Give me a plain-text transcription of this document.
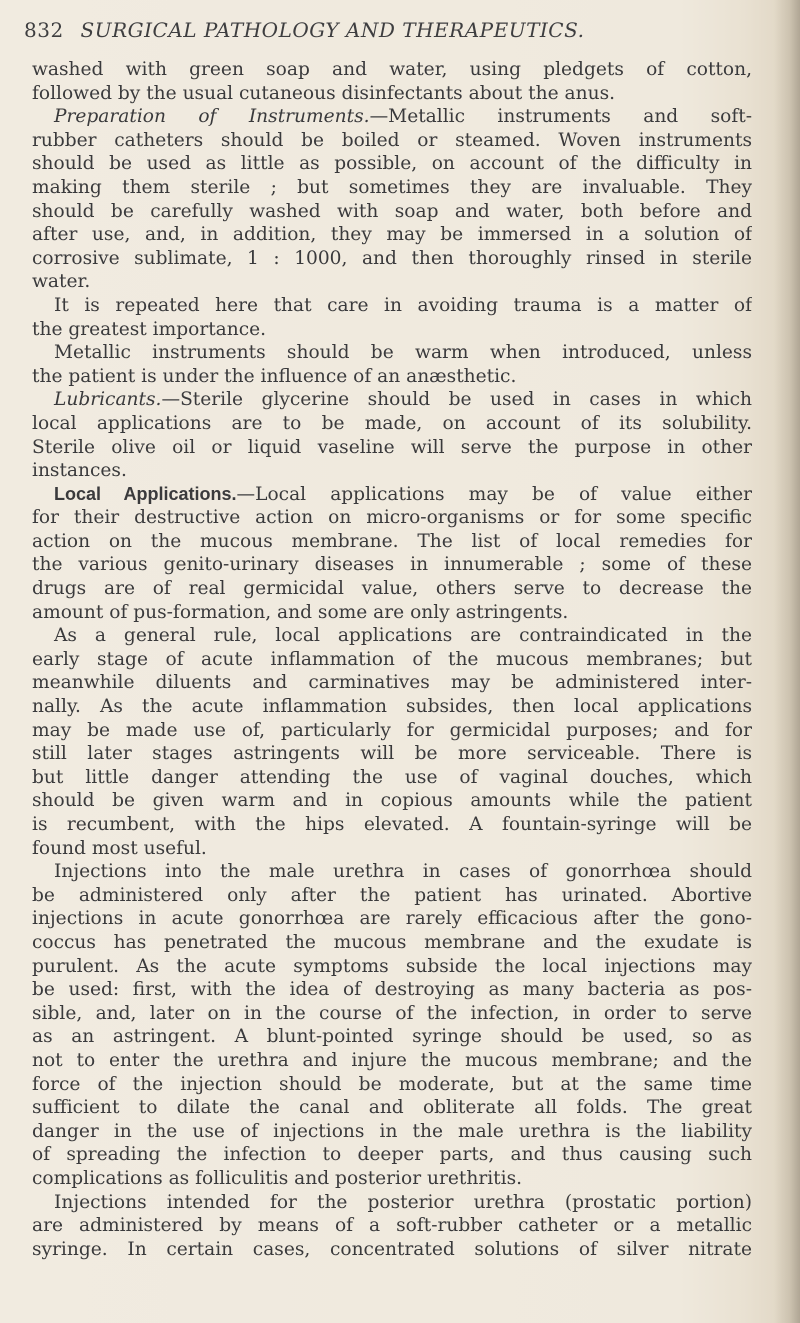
832 SURGICAL PATHOLOGY AND THERAPEUTICS.
washed with green soap and water, using pledgets of cotton,
followed by the usual cutaneous disinfectants about the anus.
Preparation of Instruments.—Metallic instruments and soft-
rubber catheters should be boiled or steamed. Woven instruments
should be used as little as possible, on account of the difficulty in
making them sterile ; but sometimes they are invaluable. They
should be carefully washed with soap and water, both before and
after use, and, in addition, they may be immersed in a solution of
corrosive sublimate, 1 : 1000, and then thoroughly rinsed in sterile
water.
It is repeated here that care in avoiding trauma is a matter of
the greatest importance.
Metallic instruments should be warm when introduced, unless
the patient is under the influence of an anæsthetic.
Lubricants.—Sterile glycerine should be used in cases in which
local applications are to be made, on account of its solubility.
Sterile olive oil or liquid vaseline will serve the purpose in other
instances.
Local Applications.—Local applications may be of value either
for their destructive action on micro-organisms or for some specific
action on the mucous membrane. The list of local remedies for
the various genito-urinary diseases in innumerable ; some of these
drugs are of real germicidal value, others serve to decrease the
amount of pus-formation, and some are only astringents.
As a general rule, local applications are contraindicated in the
early stage of acute inflammation of the mucous membranes; but
meanwhile diluents and carminatives may be administered inter-
nally. As the acute inflammation subsides, then local applications
may be made use of, particularly for germicidal purposes; and for
still later stages astringents will be more serviceable. There is
but little danger attending the use of vaginal douches, which
should be given warm and in copious amounts while the patient
is recumbent, with the hips elevated. A fountain-syringe will be
found most useful.
Injections into the male urethra in cases of gonorrhœa should
be administered only after the patient has urinated. Abortive
injections in acute gonorrhœa are rarely efficacious after the gono-
coccus has penetrated the mucous membrane and the exudate is
purulent. As the acute symptoms subside the local injections may
be used: first, with the idea of destroying as many bacteria as pos-
sible, and, later on in the course of the infection, in order to serve
as an astringent. A blunt-pointed syringe should be used, so as
not to enter the urethra and injure the mucous membrane; and the
force of the injection should be moderate, but at the same time
sufficient to dilate the canal and obliterate all folds. The great
danger in the use of injections in the male urethra is the liability
of spreading the infection to deeper parts, and thus causing such
complications as folliculitis and posterior urethritis.
Injections intended for the posterior urethra (prostatic portion)
are administered by means of a soft-rubber catheter or a metallic
syringe. In certain cases, concentrated solutions of silver nitrate
